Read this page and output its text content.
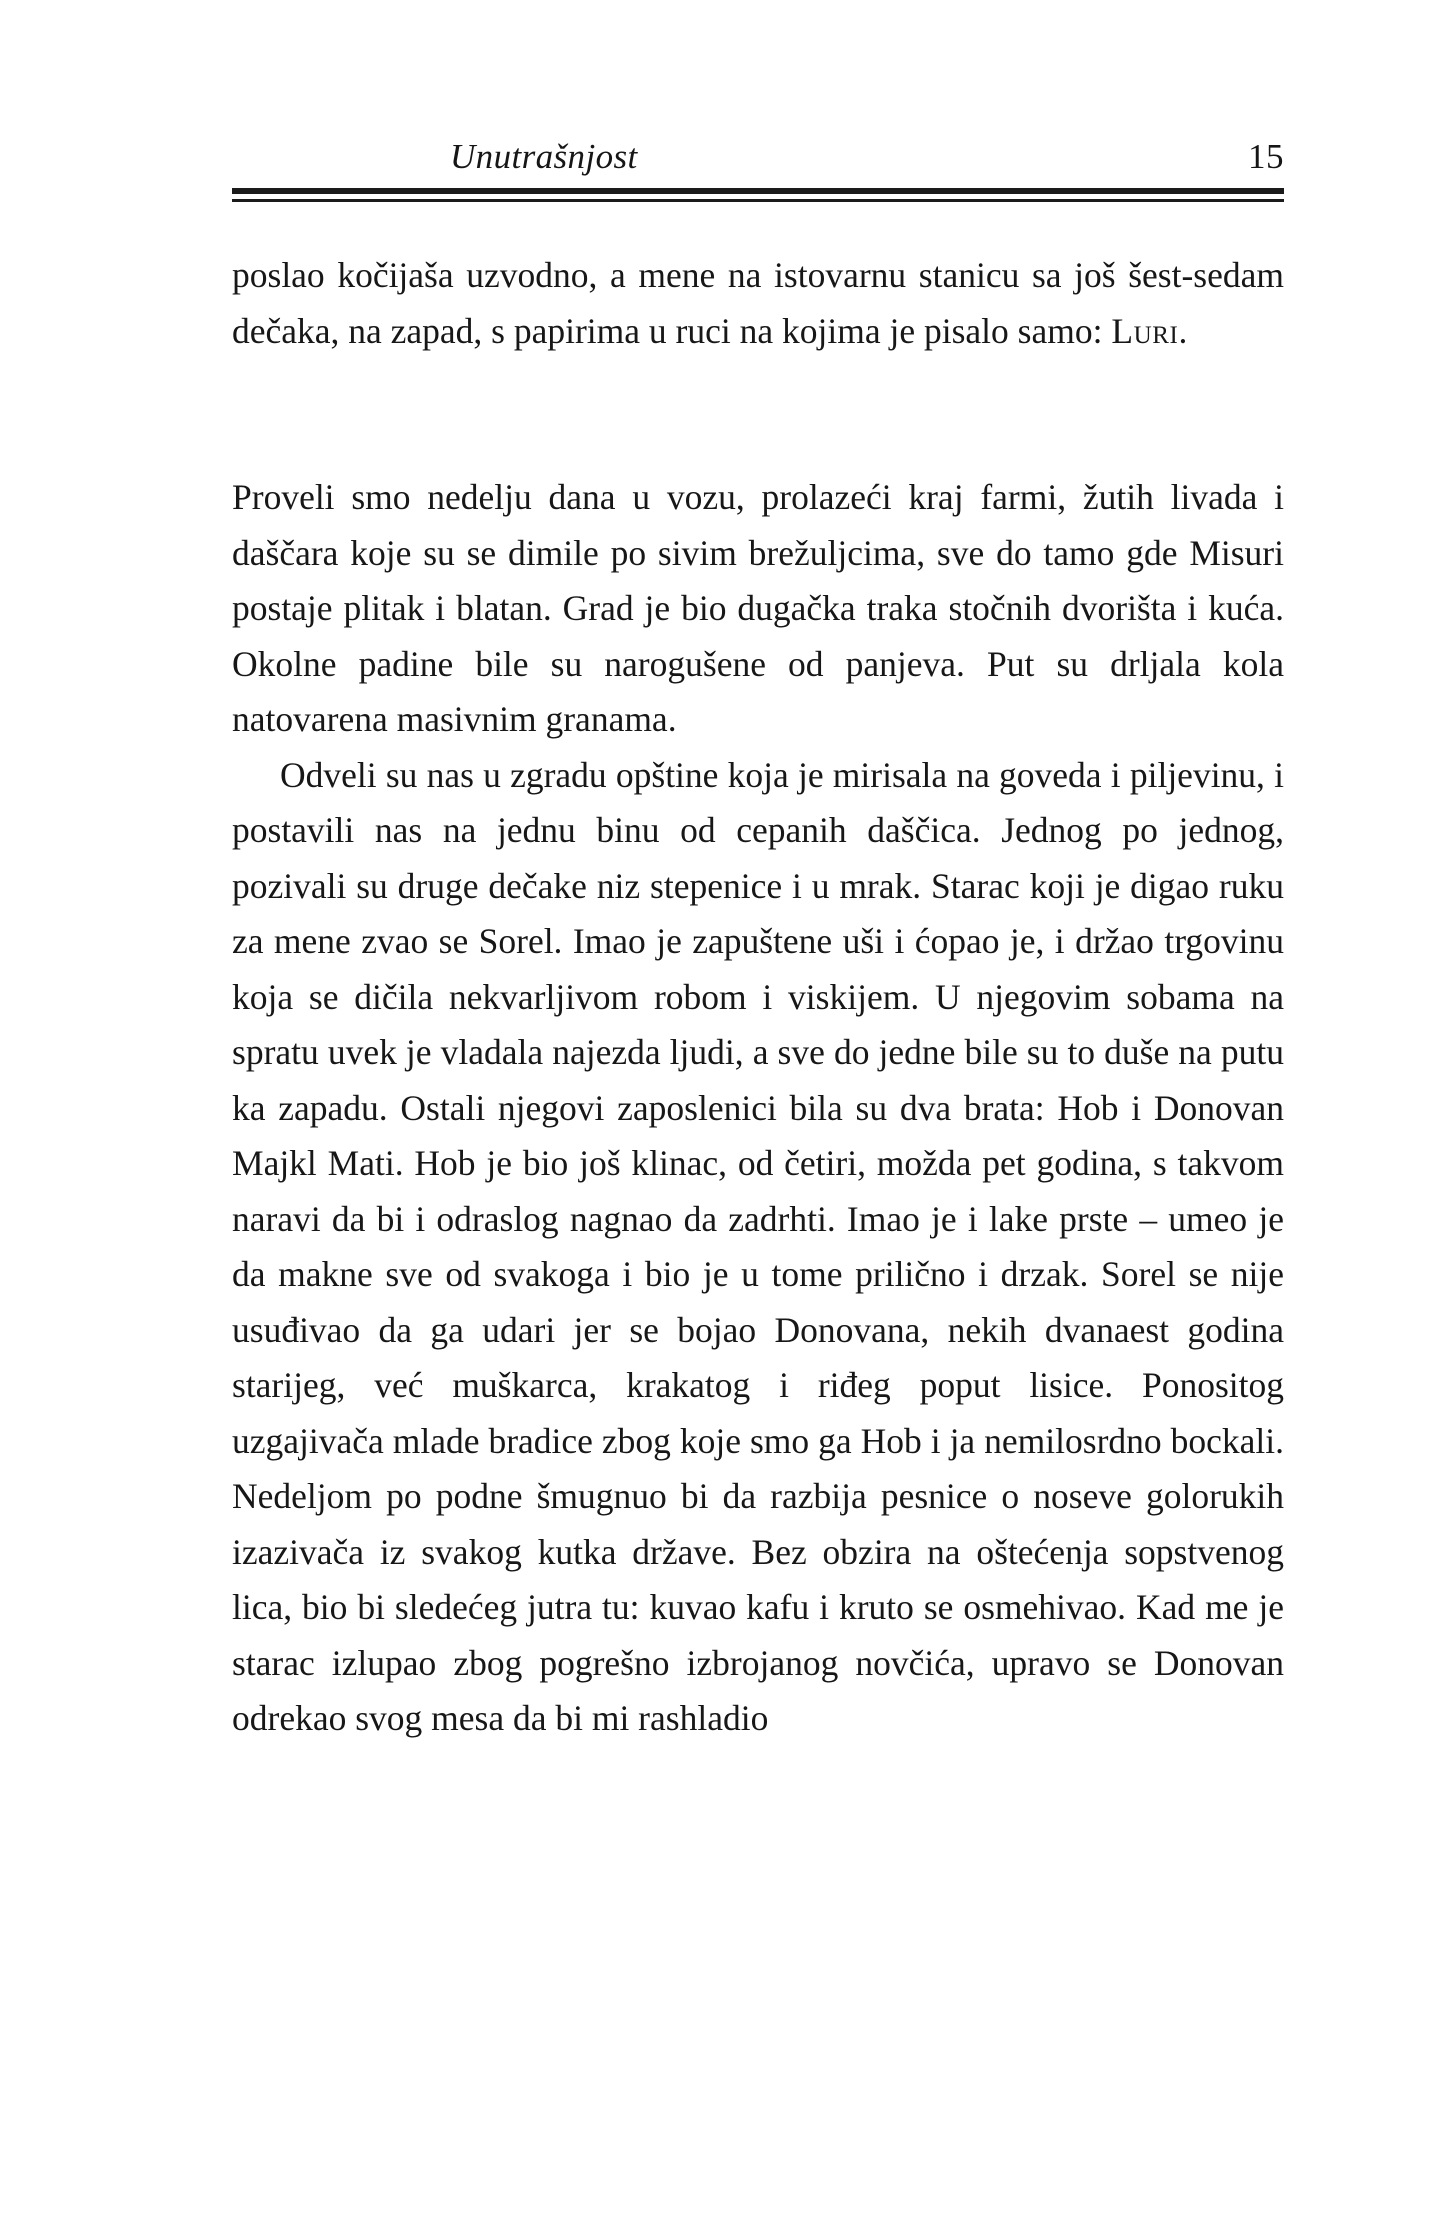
Unutrašnjost	15

poslao kočijaša uzvodno, a mene na istovarnu stanicu sa još šest-sedam dečaka, na zapad, s papirima u ruci na kojima je pisalo samo: Luri.

Proveli smo nedelju dana u vozu, prolazeći kraj farmi, žutih livada i daščara koje su se dimile po sivim brežuljcima, sve do tamo gde Misuri postaje plitak i blatan. Grad je bio dugačka traka stočnih dvorišta i kuća. Okolne padine bile su narogušene od panjeva. Put su drljala kola natovarena masivnim granama.

Odveli su nas u zgradu opštine koja je mirisala na goveda i piljevinu, i postavili nas na jednu binu od cepanih daščica. Jednog po jednog, pozivali su druge dečake niz stepenice i u mrak. Starac koji je digao ruku za mene zvao se Sorel. Imao je zapuštene uši i ćopao je, i držao trgovinu koja se dičila nekvarljivom robom i viskijem. U njegovim sobama na spratu uvek je vladala najezda ljudi, a sve do jedne bile su to duše na putu ka zapadu. Ostali njegovi zaposlenici bila su dva brata: Hob i Donovan Majkl Mati. Hob je bio još klinac, od četiri, možda pet godina, s takvom naravi da bi i odraslog nagnao da zadrhti. Imao je i lake prste – umeo je da makne sve od svakoga i bio je u tome prilično i drzak. Sorel se nije usuđivao da ga udari jer se bojao Donovana, nekih dvanaest godina starijeg, već muškarca, krakatog i riđeg poput lisice. Ponositog uzgajivača mlade bradice zbog koje smo ga Hob i ja nemilosrdno bockali. Nedeljom po podne šmugnuo bi da razbija pesnice o noseve golorukih izazivača iz svakog kutka države. Bez obzira na oštećenja sopstvenog lica, bio bi sledećeg jutra tu: kuvao kafu i kruto se osmehivao. Kad me je starac izlupao zbog pogrešno izbrojanog novčića, upravo se Donovan odrekao svog mesa da bi mi rashladio
